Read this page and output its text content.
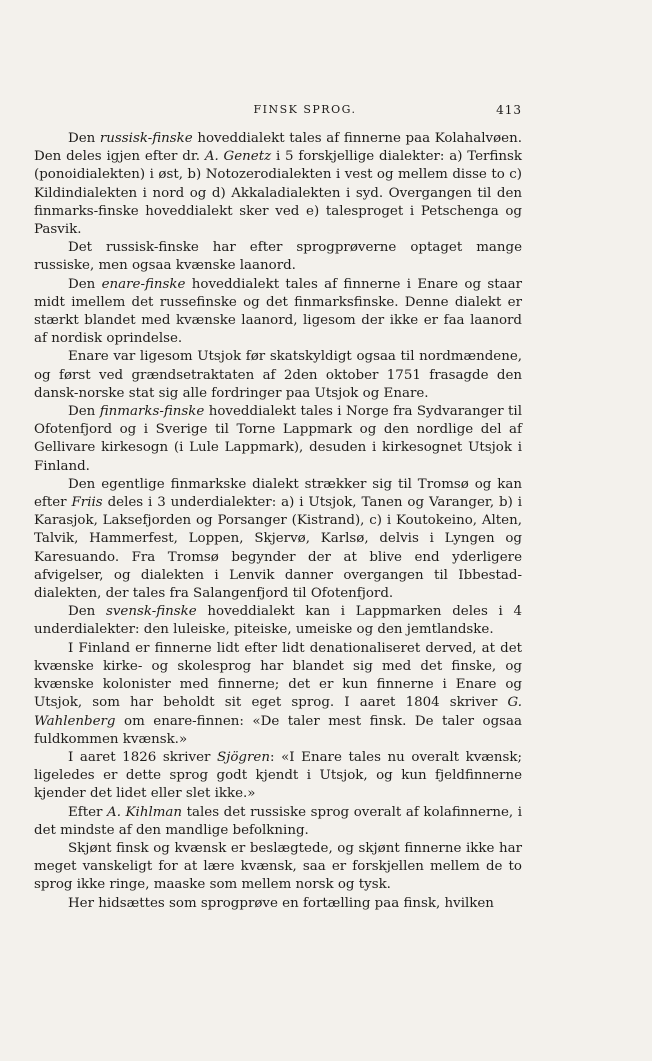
FINSK SPROG.	413

Den russisk-finske hoveddialekt tales af finnerne paa Kolahalvøen. Den deles igjen efter dr. A. Genetz i 5 forskjellige dialekter: a) Terfinsk (ponoidialekten) i øst, b) Notozerodialekten i vest og mellem disse to c) Kildindialekten i nord og d) Akkaladialekten i syd. Overgangen til den finmarks-finske hoveddialekt sker ved e) talesproget i Petschenga og Pasvik.

Det russisk-finske har efter sprogprøverne optaget mange russiske, men ogsaa kvænske laanord.

Den enare-finske hoveddialekt tales af finnerne i Enare og staar midt imellem det russefinske og det finmarksfinske. Denne dialekt er stærkt blandet med kvænske laanord, ligesom der ikke er faa laanord af nordisk oprindelse.

Enare var ligesom Utsjok før skatskyldigt ogsaa til nordmændene, og først ved grændsetraktaten af 2den oktober 1751 frasagde den dansk-norske stat sig alle fordringer paa Utsjok og Enare.

Den finmarks-finske hoveddialekt tales i Norge fra Sydvaranger til Ofotenfjord og i Sverige til Torne Lappmark og den nordlige del af Gellivare kirkesogn (i Lule Lappmark), desuden i kirkesognet Utsjok i Finland.

Den egentlige finmarkske dialekt strækker sig til Tromsø og kan efter Friis deles i 3 underdialekter: a) i Utsjok, Tanen og Varanger, b) i Karasjok, Laksefjorden og Porsanger (Kistrand), c) i Koutokeino, Alten, Talvik, Hammerfest, Loppen, Skjervø, Karlsø, delvis i Lyngen og Karesuando. Fra Tromsø begynder der at blive end yderligere afvigelser, og dialekten i Lenvik danner overgangen til Ibbestad-dialekten, der tales fra Salangenfjord til Ofotenfjord.

Den svensk-finske hoveddialekt kan i Lappmarken deles i 4 underdialekter: den luleiske, piteiske, umeiske og den jemtlandske.

I Finland er finnerne lidt efter lidt denationaliseret derved, at det kvænske kirke- og skolesprog har blandet sig med det finske, og kvænske kolonister med finnerne; det er kun finnerne i Enare og Utsjok, som har beholdt sit eget sprog. I aaret 1804 skriver G. Wahlenberg om enare-finnen: «De taler mest finsk. De taler ogsaa fuldkommen kvænsk.»

I aaret 1826 skriver Sjögren: «I Enare tales nu overalt kvænsk; ligeledes er dette sprog godt kjendt i Utsjok, og kun fjeldfinnerne kjender det lidet eller slet ikke.»

Efter A. Kihlman tales det russiske sprog overalt af kolafinnerne, i det mindste af den mandlige befolkning.

Skjønt finsk og kvænsk er beslægtede, og skjønt finnerne ikke har meget vanskeligt for at lære kvænsk, saa er forskjellen mellem de to sprog ikke ringe, maaske som mellem norsk og tysk.

Her hidsættes som sprogprøve en fortælling paa finsk, hvilken
